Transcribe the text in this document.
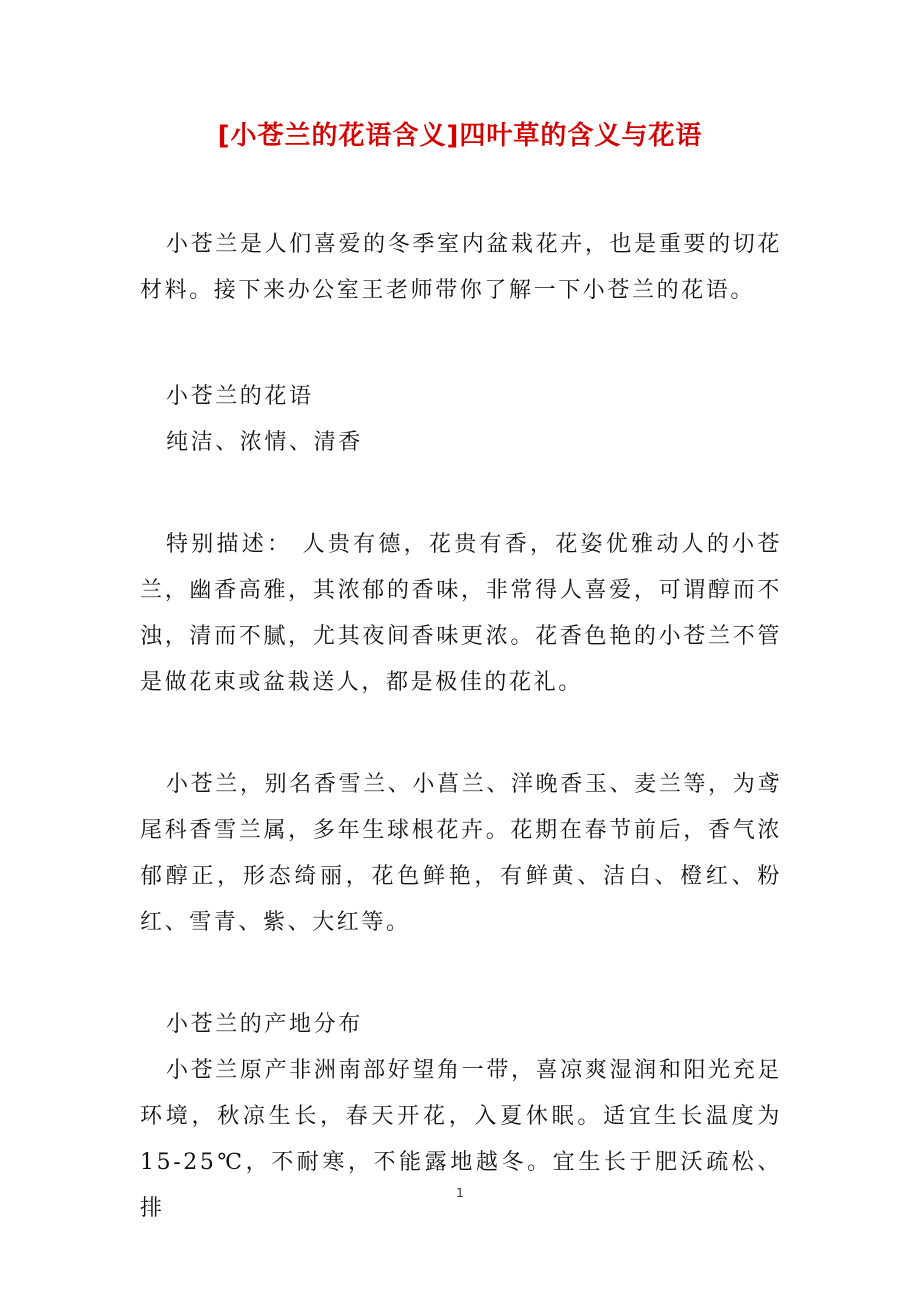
[小苍兰的花语含义]四叶草的含义与花语

小苍兰是人们喜爱的冬季室内盆栽花卉，也是重要的切花材料。接下来办公室王老师带你了解一下小苍兰的花语。

小苍兰的花语

纯洁、浓情、清香

特别描述： 人贵有德，花贵有香，花姿优雅动人的小苍兰，幽香高雅，其浓郁的香味，非常得人喜爱，可谓醇而不浊，清而不腻，尤其夜间香味更浓。花香色艳的小苍兰不管是做花束或盆栽送人，都是极佳的花礼。

小苍兰，别名香雪兰、小菖兰、洋晚香玉、麦兰等，为鸢尾科香雪兰属，多年生球根花卉。花期在春节前后，香气浓郁醇正，形态绮丽，花色鲜艳，有鲜黄、洁白、橙红、粉红、雪青、紫、大红等。

小苍兰的产地分布

小苍兰原产非洲南部好望角一带，喜凉爽湿润和阳光充足环境，秋凉生长，春天开花，入夏休眠。适宜生长温度为15-25℃，不耐寒，不能露地越冬。宜生长于肥沃疏松、排

1
